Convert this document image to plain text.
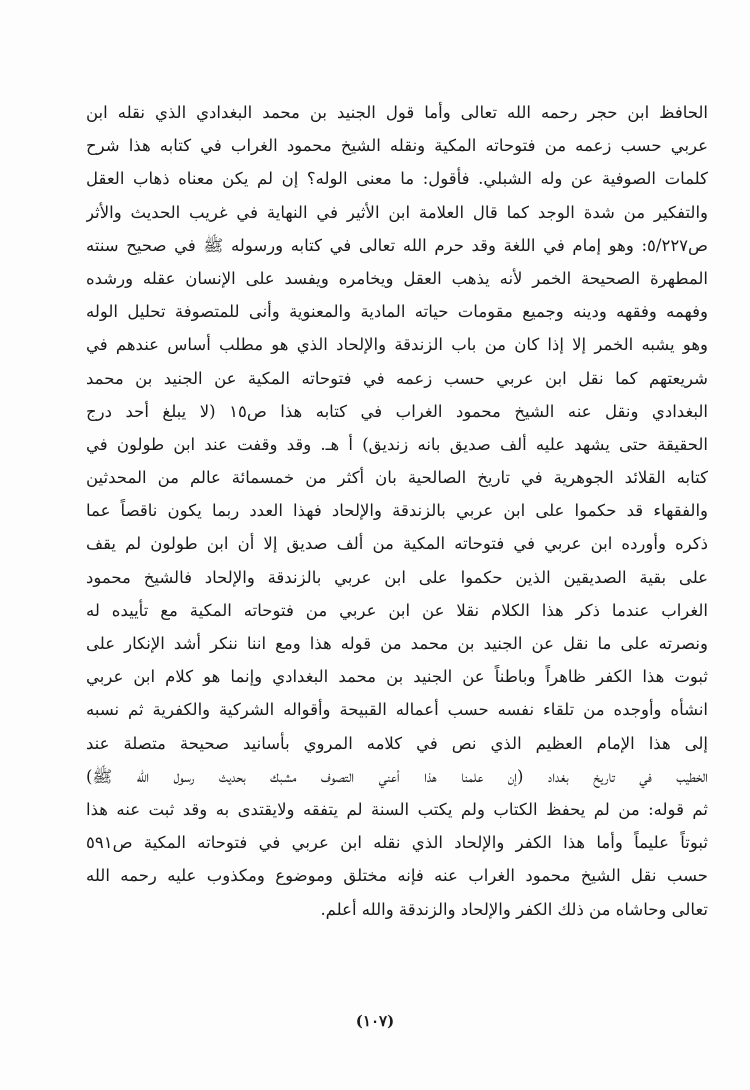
الحافظ ابن حجر رحمه الله تعالى وأما قول الجنيد بن محمد البغدادي الذي نقله ابن
عربي حسب زعمه من فتوحاته المكية ونقله الشيخ محمود الغراب في كتابه هذا شرح
كلمات الصوفية عن وله الشبلي. فأقول: ما معنى الوله؟ إن لم يكن معناه ذهاب العقل
والتفكير من شدة الوجد كما قال العلامة ابن الأثير في النهاية في غريب الحديث والأثر
ص٥/٢٢٧: وهو إمام في اللغة وقد حرم الله تعالى في كتابه ورسوله ﷺ في صحيح سنته
المطهرة الصحيحة الخمر لأنه يذهب العقل ويخامره ويفسد على الإنسان عقله ورشده
وفهمه وفقهه ودينه وجميع مقومات حياته المادية والمعنوية وأنى للمتصوفة تحليل الوله
وهو يشبه الخمر إلا إذا كان من باب الزندقة والإلحاد الذي هو مطلب أساس عندهم في
شريعتهم كما نقل ابن عربي حسب زعمه في فتوحاته المكية عن الجنيد بن محمد
البغدادي ونقل عنه الشيخ محمود الغراب في كتابه هذا ص١٥ (لا يبلغ أحد درج
الحقيقة حتى يشهد عليه ألف صديق بانه زنديق) أ هـ. وقد وقفت عند ابن طولون في
كتابه القلائد الجوهرية في تاريخ الصالحية بان أكثر من خمسمائة عالم من المحدثين
والفقهاء قد حكموا على ابن عربي بالزندقة والإلحاد فهذا العدد ربما يكون ناقصاً عما
ذكره وأورده ابن عربي في فتوحاته المكية من ألف صديق إلا أن ابن طولون لم يقف
على بقية الصديقين الذين حكموا على ابن عربي بالزندقة والإلحاد فالشيخ محمود
الغراب عندما ذكر هذا الكلام نقلا عن ابن عربي من فتوحاته المكية مع تأييده له
ونصرته على ما نقل عن الجنيد بن محمد من قوله هذا ومع اننا ننكر أشد الإنكار على
ثبوت هذا الكفر ظاهراً وباطناً عن الجنيد بن محمد البغدادي وإنما هو كلام ابن عربي
انشأه وأوجده من تلقاء نفسه حسب أعماله القبيحة وأقواله الشركية والكفرية ثم نسبه
إلى هذا الإمام العظيم الذي نص في كلامه المروي بأسانيد صحيحة متصلة عند
الخطيب في تاريخ بغداد (إن علمنا هذا أعني التصوف مشبك بحديث رسول الله ﷺ)
ثم قوله: من لم يحفظ الكتاب ولم يكتب السنة لم يتفقه ولايقتدى به وقد ثبت عنه هذا
ثبوتاً عليماً وأما هذا الكفر والإلحاد الذي نقله ابن عربي في فتوحاته المكية ص٥٩١
حسب نقل الشيخ محمود الغراب عنه فإنه مختلق وموضوع ومكذوب عليه رحمه الله
تعالى وحاشاه من ذلك الكفر والإلحاد والزندقة والله أعلم.
(١٠٧)
